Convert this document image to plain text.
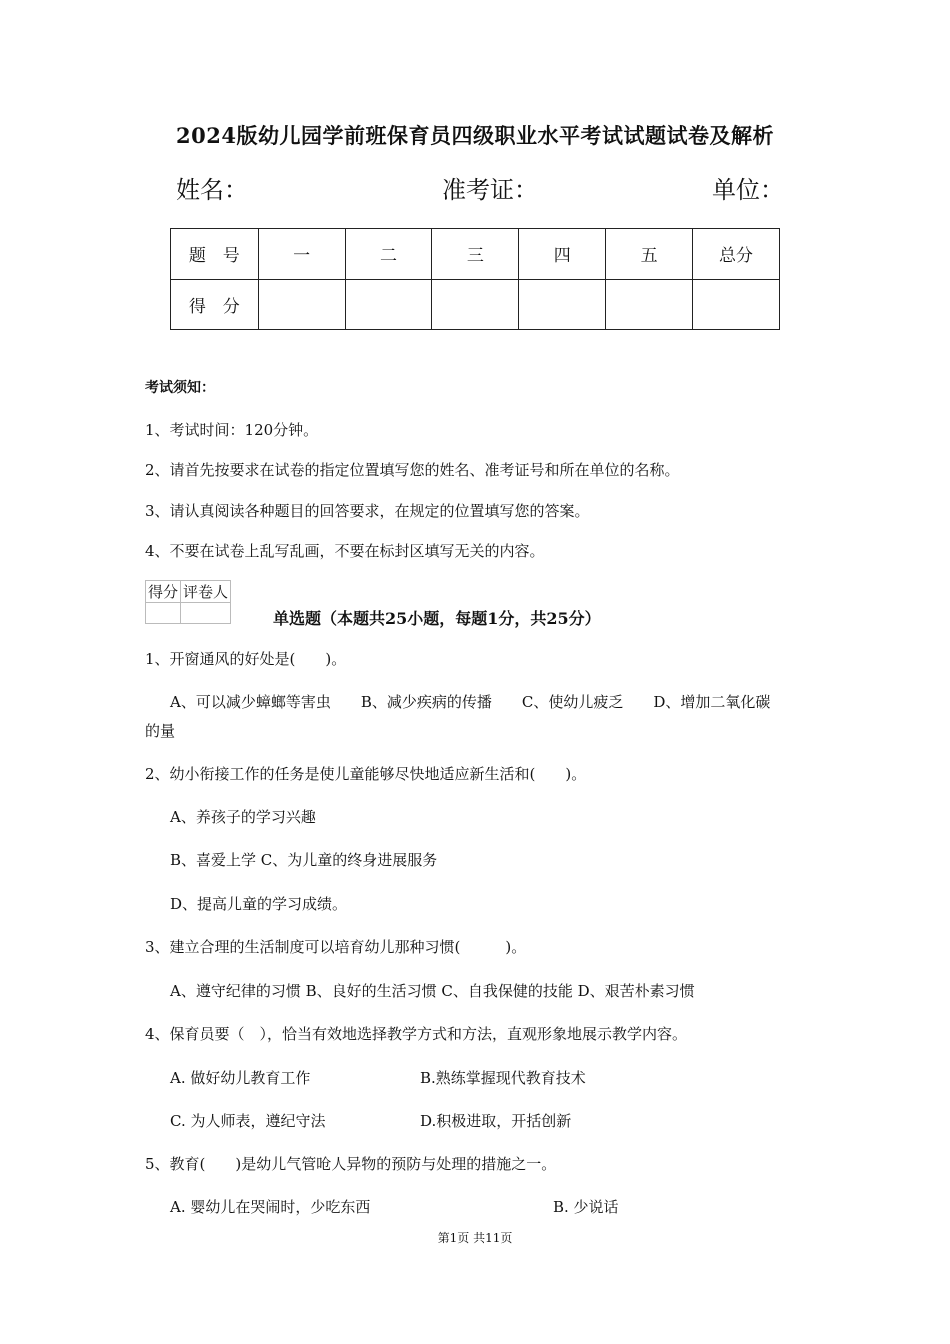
2024版幼儿园学前班保育员四级职业水平考试试题试卷及解析
姓名：	准考证：	单位：
题　号	一	二	三	四	五	总分
得　分						
考试须知：
1、考试时间：120分钟。
2、请首先按要求在试卷的指定位置填写您的姓名、准考证号和所在单位的名称。
3、请认真阅读各种题目的回答要求，在规定的位置填写您的答案。
4、不要在试卷上乱写乱画，不要在标封区填写无关的内容。
得分	评卷人

单选题（本题共25小题，每题1分，共25分）
1、开窗通风的好处是(　　)。
A、可以减少蟑螂等害虫　　B、减少疾病的传播　　C、使幼儿疲乏　　D、增加二氧化碳
的量
2、幼小衔接工作的任务是使儿童能够尽快地适应新生活和(　　)。
A、养孩子的学习兴趣
B、喜爱上学 C、为儿童的终身进展服务
D、提高儿童的学习成绩。
3、建立合理的生活制度可以培育幼儿那种习惯(　　　)。
A、遵守纪律的习惯 B、良好的生活习惯 C、自我保健的技能 D、艰苦朴素习惯
4、保育员要（　），恰当有效地选择教学方式和方法，直观形象地展示教学内容。
A. 做好幼儿教育工作	B.熟练掌握现代教育技术
C. 为人师表，遵纪守法	D.积极进取，开括创新
5、教育(　　)是幼儿气管呛人异物的预防与处理的措施之一。
A. 婴幼儿在哭闹时，少吃东西	B. 少说话
第1页 共11页
